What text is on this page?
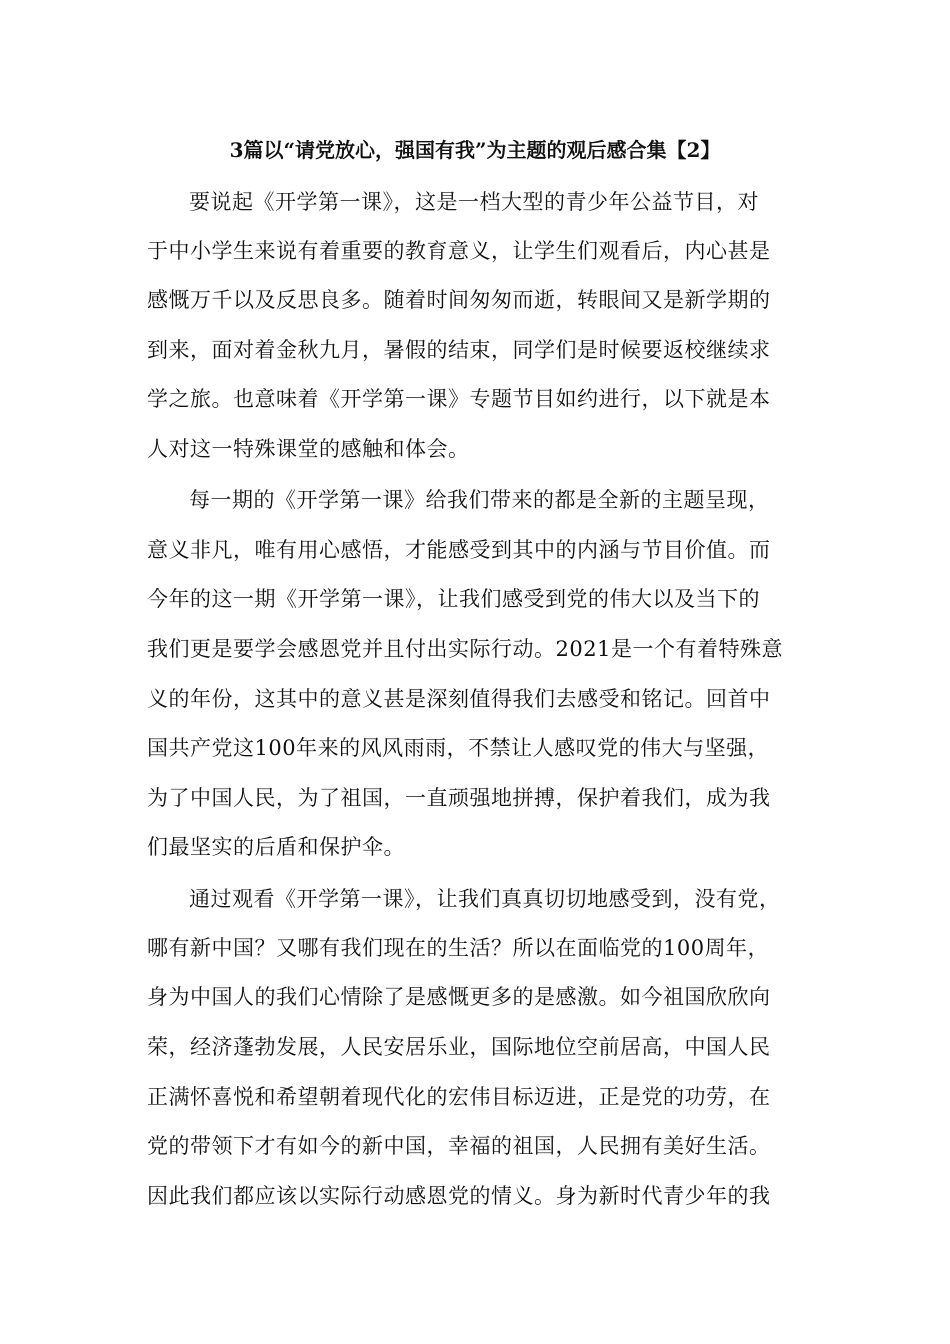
3篇以“请党放心，强国有我”为主题的观后感合集【2】
要说起《开学第一课》，这是一档大型的青少年公益节目，对
于中小学生来说有着重要的教育意义，让学生们观看后，内心甚是
感慨万千以及反思良多。随着时间匆匆而逝，转眼间又是新学期的
到来，面对着金秋九月，暑假的结束，同学们是时候要返校继续求
学之旅。也意味着《开学第一课》专题节目如约进行，以下就是本
人对这一特殊课堂的感触和体会。
每一期的《开学第一课》给我们带来的都是全新的主题呈现，
意义非凡，唯有用心感悟，才能感受到其中的内涵与节目价值。而
今年的这一期《开学第一课》，让我们感受到党的伟大以及当下的
我们更是要学会感恩党并且付出实际行动。2021是一个有着特殊意
义的年份，这其中的意义甚是深刻值得我们去感受和铭记。回首中
国共产党这100年来的风风雨雨，不禁让人感叹党的伟大与坚强，
为了中国人民，为了祖国，一直顽强地拼搏，保护着我们，成为我
们最坚实的后盾和保护伞。
通过观看《开学第一课》，让我们真真切切地感受到，没有党，
哪有新中国？又哪有我们现在的生活？所以在面临党的100周年，
身为中国人的我们心情除了是感慨更多的是感激。如今祖国欣欣向
荣，经济蓬勃发展，人民安居乐业，国际地位空前居高，中国人民
正满怀喜悦和希望朝着现代化的宏伟目标迈进，正是党的功劳，在
党的带领下才有如今的新中国，幸福的祖国，人民拥有美好生活。
因此我们都应该以实际行动感恩党的情义。身为新时代青少年的我
